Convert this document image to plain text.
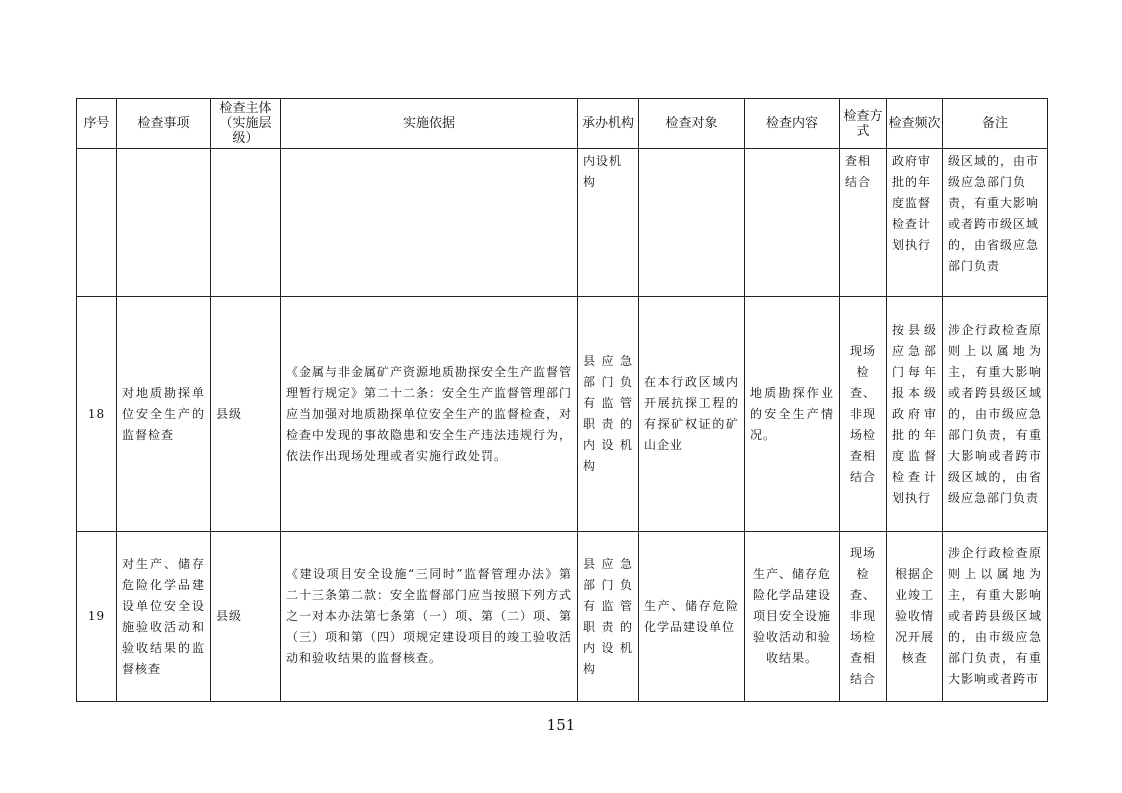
序号	检查事项	检查主体（实施层级）	实施依据	承办机构	检查对象	检查内容	检查方式	检查频次	备注
				内设机构			查相结合	政府审批的年度监督检查计划执行	级区域的，由市级应急部门负责，有重大影响或者跨市级区域的，由省级应急部门负责
18	对地质勘探单位安全生产的监督检查	县级	《金属与非金属矿产资源地质勘探安全生产监督管理暂行规定》第二十二条：安全生产监督管理部门应当加强对地质勘探单位安全生产的监督检查，对检查中发现的事故隐患和安全生产违法违规行为，依法作出现场处理或者实施行政处罚。	县应急部门负有监管职责的内设机构	在本行政区域内开展抗探工程的有探矿权证的矿山企业	地质勘探作业的安全生产情况。	现场检查、非现场检查相结合	按县级应急部门每年报本级政府审批的年度监督检查计划执行	涉企行政检查原则上以属地为主，有重大影响或者跨县级区域的，由市级应急部门负责，有重大影响或者跨市级区域的，由省级应急部门负责
19	对生产、储存危险化学品建设单位安全设施验收活动和验收结果的监督核查	县级	《建设项目安全设施“三同时”监督管理办法》第二十三条第二款：安全监督部门应当按照下列方式之一对本办法第七条第（一）项、第（二）项、第（三）项和第（四）项规定建设项目的竣工验收活动和验收结果的监督核查。	县应急部门负有监管职责的内设机构	生产、储存危险化学品建设单位	生产、储存危险化学品建设项目安全设施验收活动和验收结果。	现场检查、非现场检查相结合	根据企业竣工验收情况开展核查	涉企行政检查原则上以属地为主，有重大影响或者跨县级区域的，由市级应急部门负责，有重大影响或者跨市
151
